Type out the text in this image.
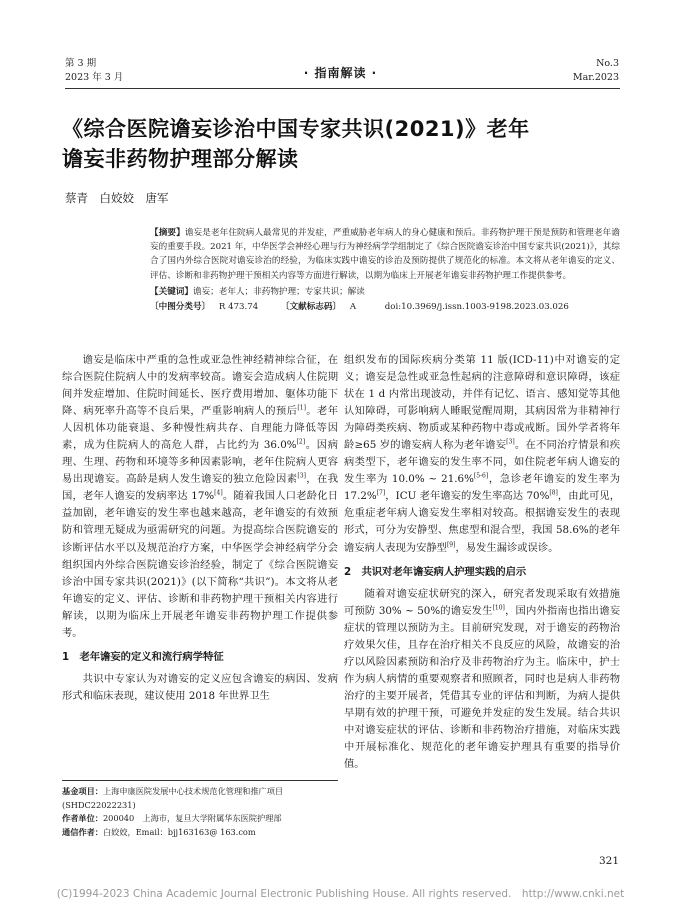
第 3 期
2023 年 3 月	· 指南解读 ·
No.3
Mar.2023
《综合医院谵妄诊治中国专家共识(2021)》老年
谵妄非药物护理部分解读
蔡青　白姣姣　唐军
【摘要】谵妄是老年住院病人最常见的并发症，严重威胁老年病人的身心健康和预后。非药物护理干预是预防和管理老年谵妄的重要手段。2021 年，中华医学会神经心理与行为神经病学学组制定了《综合医院谵妄诊治中国专家共识(2021)》，其综合了国内外综合医院对谵妄诊治的经验，为临床实践中谵妄的诊治及预防提供了规范化的标准。本文将从老年谵妄的定义、评估、诊断和非药物护理干预相关内容等方面进行解读，以期为临床上开展老年谵妄非药物护理工作提供参考。
【关键词】谵妄；老年人；非药物护理；专家共识；解读
〔中图分类号〕 R 473.74	〔文献标志码〕 A	doi:10.3969/j.issn.1003-9198.2023.03.026

谵妄是临床中严重的急性或亚急性神经精神综合征，在综合医院住院病人中的发病率较高。谵妄会造成病人住院期间并发症增加、住院时间延长、医疗费用增加、躯体功能下降、病死率升高等不良后果，严重影响病人的预后[1]。老年人因机体功能衰退、多种慢性病共存、自理能力降低等因素，成为住院病人的高危人群，占比约为 36.0%[2]。因病理、生理、药物和环境等多种因素影响，老年住院病人更容易出现谵妄。高龄是病人发生谵妄的独立危险因素[3]，在我国，老年人谵妄的发病率达 17%[4]。随着我国人口老龄化日益加剧，老年谵妄的发生率也越来越高，老年谵妄的有效预防和管理无疑成为亟需研究的问题。为提高综合医院谵妄的诊断评估水平以及规范治疗方案，中华医学会神经病学分会组织国内外综合医院谵妄诊治经验，制定了《综合医院谵妄诊治中国专家共识(2021)》(以下简称“共识”)。本文将从老年谵妄的定义、评估、诊断和非药物护理干预相关内容进行解读，以期为临床上开展老年谵妄非药物护理工作提供参考。

1　老年谵妄的定义和流行病学特征

共识中专家认为对谵妄的定义应包含谵妄的病因、发病形式和临床表现，建议使用 2018 年世界卫生

基金项目：上海申康医院发展中心技术规范化管理和推广项目(SHDC22022231)
作者单位：200040　上海市，复旦大学附属华东医院护理部
通信作者：白姣姣，Email：bjj163163@ 163.com

组织发布的国际疾病分类第 11 版(ICD-11)中对谵妄的定义；谵妄是急性或亚急性起病的注意障碍和意识障碍，该症状在 1 d 内常出现波动，并伴有记忆、语言、感知觉等其他认知障碍，可影响病人睡眠觉醒周期，其病因常为非精神行为障碍类疾病、物质或某种药物中毒或戒断。国外学者将年龄≥65 岁的谵妄病人称为老年谵妄[3]。在不同治疗情景和疾病类型下，老年谵妄的发生率不同，如住院老年病人谵妄的发生率为 10.0% ~ 21.6%[5-6]，急诊老年谵妄的发生率为 17.2%[7]，ICU 老年谵妄的发生率高达 70%[8]，由此可见，危重症老年病人谵妄发生率相对较高。根据谵妄发生的表现形式，可分为安静型、焦虑型和混合型，我国 58.6%的老年谵妄病人表现为安静型[9]，易发生漏诊或误诊。

2　共识对老年谵妄病人护理实践的启示

随着对谵妄症状研究的深入，研究者发现采取有效措施可预防 30% ~ 50%的谵妄发生[10]，国内外指南也指出谵妄症状的管理以预防为主。目前研究发现，对于谵妄的药物治疗效果欠佳，且存在治疗相关不良反应的风险，故谵妄的治疗以风险因素预防和治疗及非药物治疗为主。临床中，护士作为病人病情的重要观察者和照顾者，同时也是病人非药物治疗的主要开展者，凭借其专业的评估和判断，为病人提供早期有效的护理干预，可避免并发症的发生发展。结合共识中对谵妄症状的评估、诊断和非药物治疗措施，对临床实践中开展标准化、规范化的老年谵妄护理具有重要的指导价值。

321
(C)1994-2023 China Academic Journal Electronic Publishing House. All rights reserved.　http://www.cnki.net
